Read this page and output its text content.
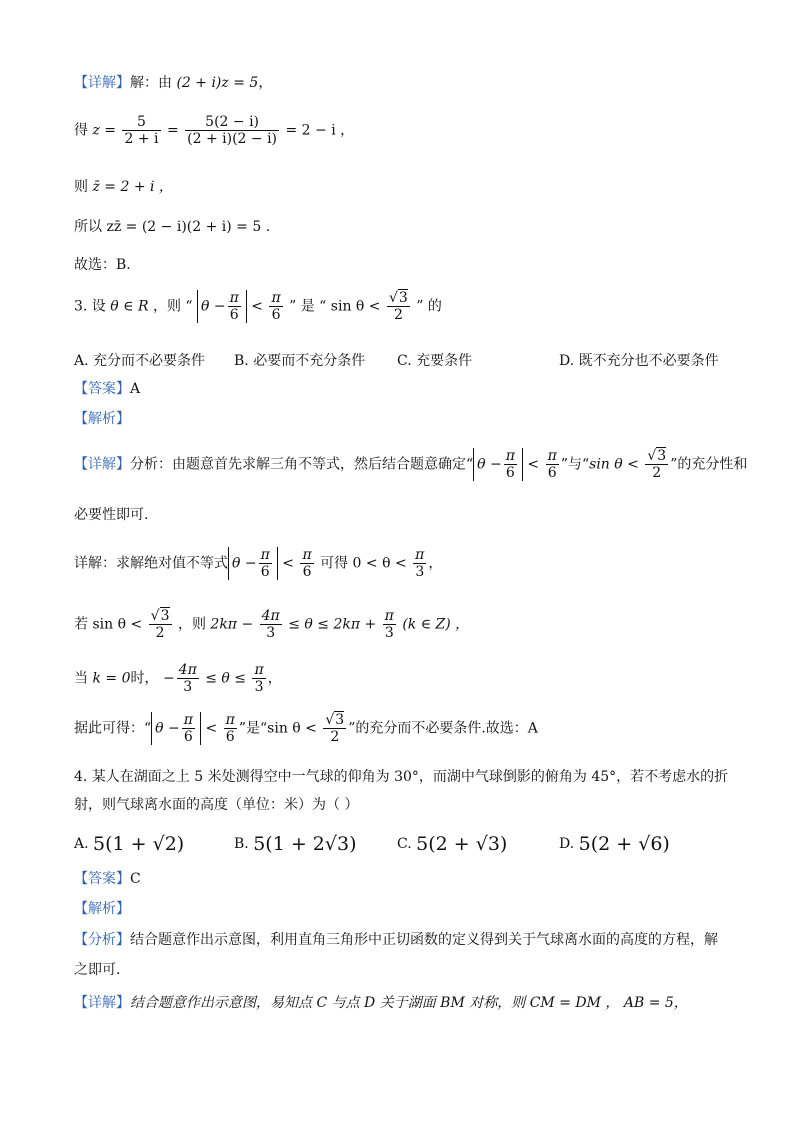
【详解】解：由 (2 + i)z = 5，
得 $z = \frac{5}{2 + i} = \frac{5(2 - i)}{(2 + i)(2 - i)} = 2 - i$ ，
则 z̄ = 2 + i ，
所以 zz̄ = (2 − i)(2 + i) = 5 .
故选：B.
3. 设 θ ∈ R ，则 “ $\theta - \frac{\pi}{6} < \frac{\pi}{6}$ ” 是 “ $\sin \theta < \frac{√3}{2}$ ” 的
A. 充分而不必要条件	B. 必要而不充分条件	C. 充要条件	D. 既不充分也不必要条件
【答案】A
【解析】
【详解】分析：由题意首先求解三角不等式，然后结合题意确定“ $\theta - \frac{\pi}{6} < \frac{\pi}{6}$ ”与“sin $\theta < \frac{√3}{2}$ ”的充分性和
必要性即可.
详解：求解绝对值不等式 $\theta - \frac{\pi}{6} < \frac{\pi}{6}$ 可得 $0 < \theta < \frac{\pi}{3}$ ，
若 $\sin \theta < \frac{√3}{2}$ ，则 $2k\pi - \frac{4\pi}{3} \le \theta \le 2k\pi + \frac{\pi}{3} (k$ ∈ Z) ，
当 k = 0时， − $\frac{4\pi}{3} \le \theta \le \frac{\pi}{3}$ ，
据此可得：“ $\theta - \frac{\pi}{6} < \frac{\pi}{6}$ ”是“sin $\theta < \frac{√3}{2}$ ”的充分而不必要条件.故选：A
4. 某人在湖面之上 5 米处测得空中一气球的仰角为 30°，而湖中气球倒影的俯角为 45°，若不考虑水的折
射，则气球离水面的高度（单位：米）为（ ）
A. 5(1 + √2)	B. 5(1 + 2√3)	C. 5(2 + √3)	D. 5(2 + √6)
【答案】C
【解析】
【分析】结合题意作出示意图，利用直角三角形中正切函数的定义得到关于气球离水面的高度的方程，解
之即可.
【详解】结合题意作出示意图，易知点 C 与点 D 关于湖面 BM 对称，则 CM = DM ， AB = 5，
